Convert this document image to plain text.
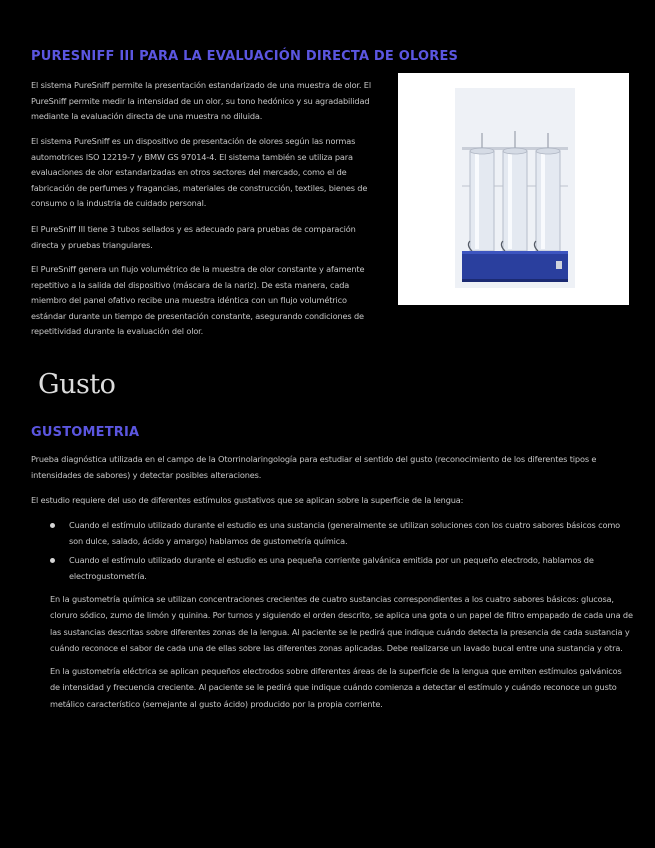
PURESNIFF III PARA LA EVALUACIÓN DIRECTA DE OLORES

El sistema PureSniff permite la presentación estandarizado de una muestra de olor. El PureSniff permite medir la intensidad de un olor, su tono hedónico y su agradabilidad mediante la evaluación directa de una muestra no diluida.

El sistema PureSniff es un dispositivo de presentación de olores según las normas automotrices ISO 12219-7 y BMW GS 97014-4. El sistema también se utiliza para evaluaciones de olor estandarizadas en otros sectores del mercado, como el de fabricación de perfumes y fragancias, materiales de construcción, textiles, bienes de consumo o la industria de cuidado personal.

El PureSniff III tiene 3 tubos sellados y es adecuado para pruebas de comparación directa y pruebas triangulares.

El PureSniff genera un flujo volumétrico de la muestra de olor constante y afamente repetitivo a la salida del dispositivo (máscara de la nariz). De esta manera, cada miembro del panel ofativo recibe una muestra idéntica con un flujo volumétrico estándar durante un tiempo de presentación constante, asegurando condiciones de repetitividad durante la evaluación del olor.

Gusto
GUSTOMETRIA

Prueba diagnóstica utilizada en el campo de la Otorrinolaringología para estudiar el sentido del gusto (reconocimiento de los diferentes tipos e intensidades de sabores) y detectar posibles alteraciones.

El estudio requiere del uso de diferentes estímulos gustativos que se aplican sobre la superficie de la lengua:

Cuando el estímulo utilizado durante el estudio es una sustancia (generalmente se utilizan soluciones con los cuatro sabores básicos como son dulce, salado, ácido y amargo) hablamos de gustometría química.
Cuando el estímulo utilizado durante el estudio es una pequeña corriente galvánica emitida por un pequeño electrodo, hablamos de electrogustometría.

En la gustometría química se utilizan concentraciones crecientes de cuatro sustancias correspondientes a los cuatro sabores básicos: glucosa, cloruro sódico, zumo de limón y quinina. Por turnos y siguiendo el orden descrito, se aplica una gota o un papel de filtro empapado de cada una de las sustancias descritas sobre diferentes zonas de la lengua. Al paciente se le pedirá que indique cuándo detecta la presencia de cada sustancia y cuándo reconoce el sabor de cada una de ellas sobre las diferentes zonas aplicadas. Debe realizarse un lavado bucal entre una sustancia y otra.

En la gustometría eléctrica se aplican pequeños electrodos sobre diferentes áreas de la superficie de la lengua que emiten estímulos galvánicos de intensidad y frecuencia creciente. Al paciente se le pedirá que indique cuándo comienza a detectar el estímulo y cuándo reconoce un gusto metálico característico (semejante al gusto ácido) producido por la propia corriente.
